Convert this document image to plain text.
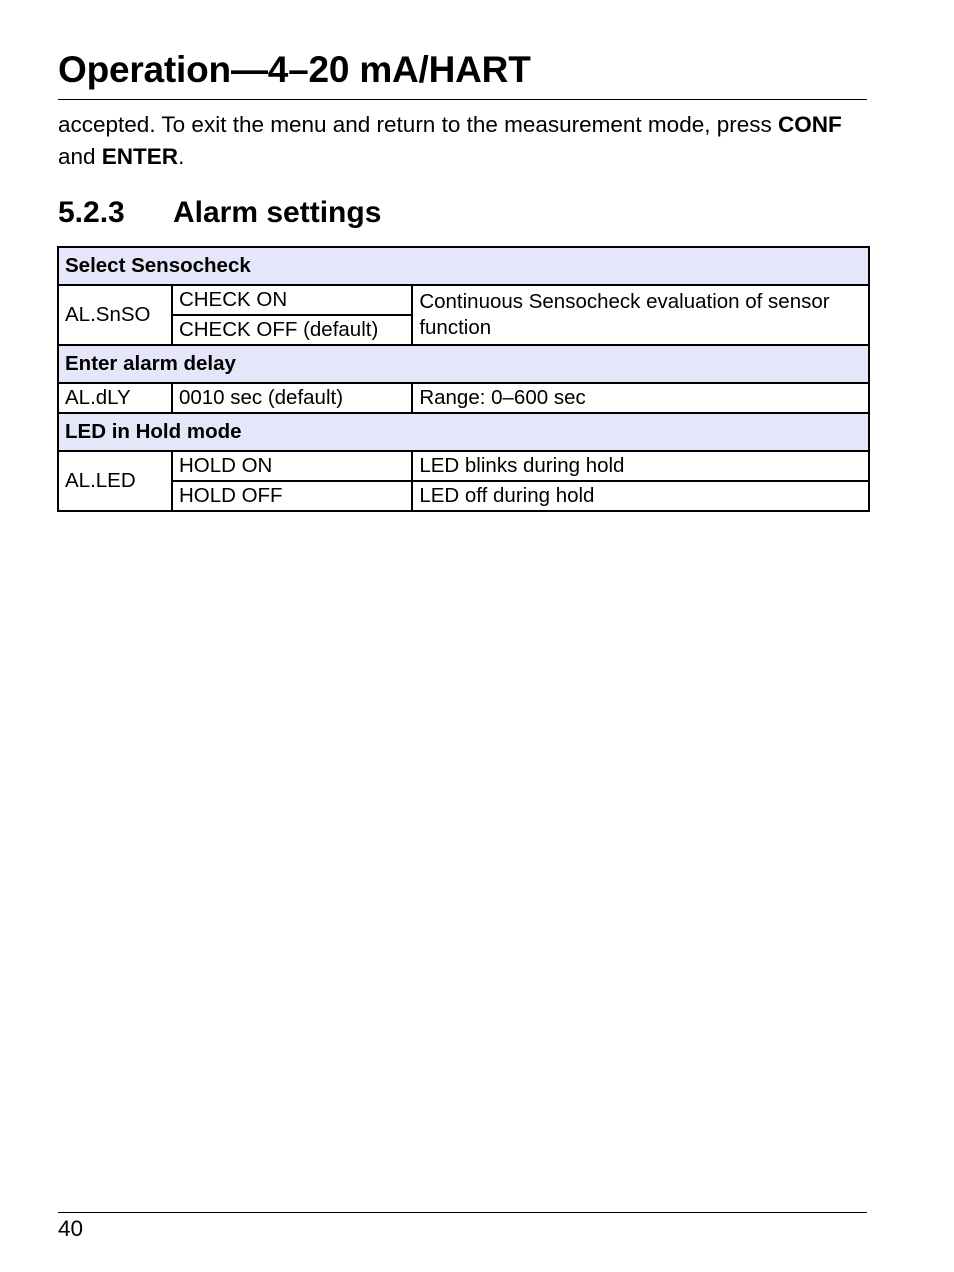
Operation—4–20 mA/HART

accepted. To exit the menu and return to the measurement mode, press CONF and ENTER.

5.2.3 Alarm settings
Select Sensocheck		
AL.SnSO	CHECK ON	Continuous Sensocheck evaluation of sensor function
	CHECK OFF (default)	
Enter alarm delay		
AL.dLY	0010 sec (default)	Range: 0–600 sec
LED in Hold mode		
AL.LED	HOLD ON	LED blinks during hold
	HOLD OFF	LED off during hold
40
